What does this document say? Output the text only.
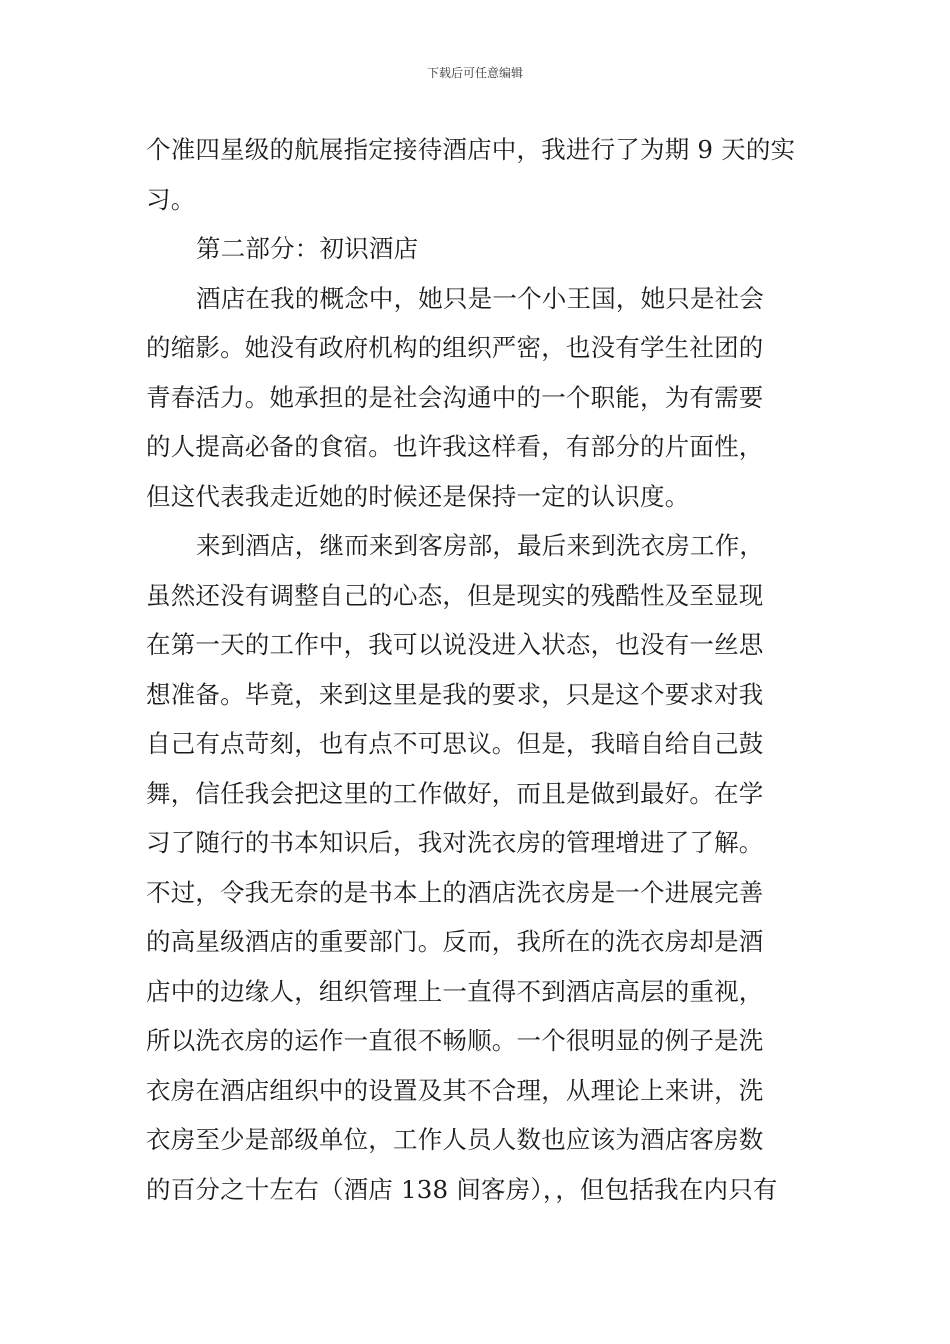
下载后可任意编辑
个准四星级的航展指定接待酒店中，我进行了为期 9 天的实
习。
第二部分：初识酒店
酒店在我的概念中，她只是一个小王国，她只是社会
的缩影。她没有政府机构的组织严密，也没有学生社团的
青春活力。她承担的是社会沟通中的一个职能，为有需要
的人提高必备的食宿。也许我这样看，有部分的片面性，
但这代表我走近她的时候还是保持一定的认识度。
来到酒店，继而来到客房部，最后来到洗衣房工作，
虽然还没有调整自己的心态，但是现实的残酷性及至显现
在第一天的工作中，我可以说没进入状态，也没有一丝思
想准备。毕竟，来到这里是我的要求，只是这个要求对我
自己有点苛刻，也有点不可思议。但是，我暗自给自己鼓
舞，信任我会把这里的工作做好，而且是做到最好。在学
习了随行的书本知识后，我对洗衣房的管理增进了了解。
不过，令我无奈的是书本上的酒店洗衣房是一个进展完善
的高星级酒店的重要部门。反而，我所在的洗衣房却是酒
店中的边缘人，组织管理上一直得不到酒店高层的重视，
所以洗衣房的运作一直很不畅顺。一个很明显的例子是洗
衣房在酒店组织中的设置及其不合理，从理论上来讲，洗
衣房至少是部级单位，工作人员人数也应该为酒店客房数
的百分之十左右（酒店 138 间客房），，但包括我在内只有
